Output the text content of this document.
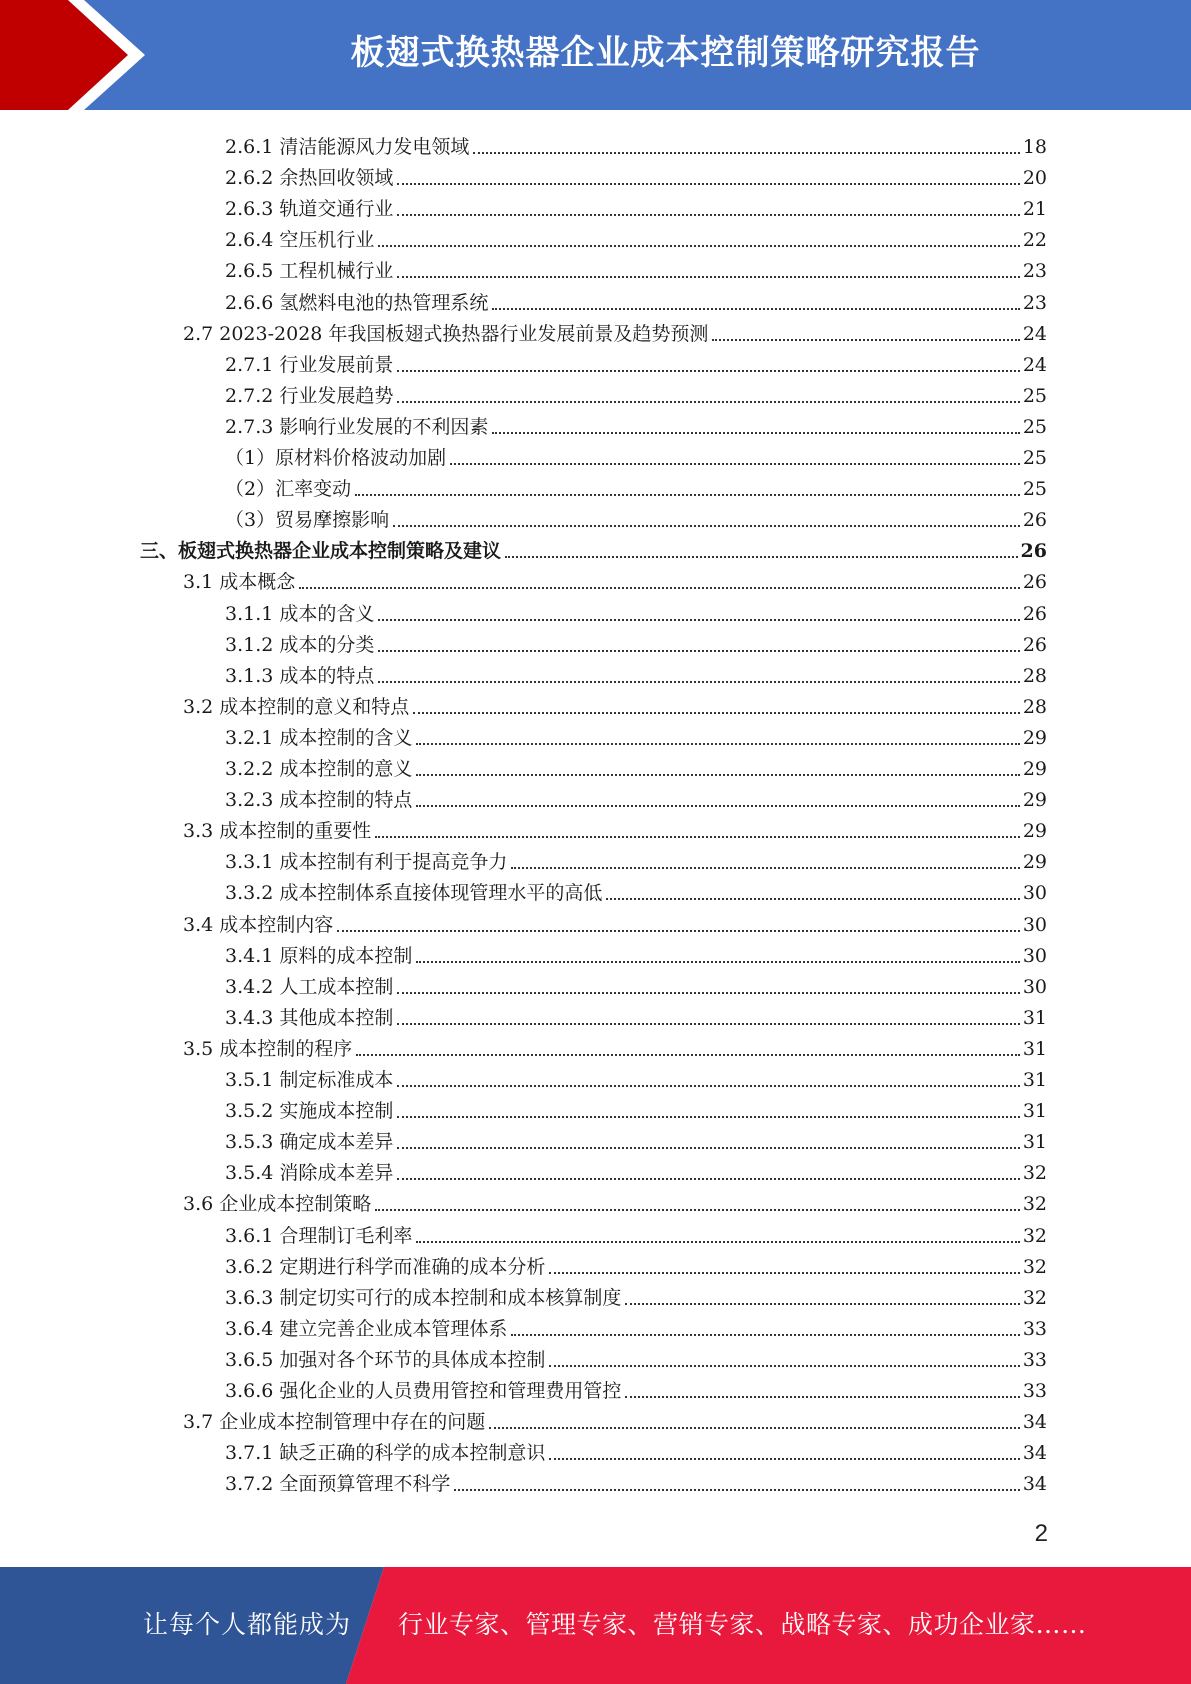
板翅式换热器企业成本控制策略研究报告
2.6.1 清洁能源风力发电领域	18
2.6.2 余热回收领域	20
2.6.3 轨道交通行业	21
2.6.4 空压机行业	22
2.6.5 工程机械行业	23
2.6.6 氢燃料电池的热管理系统	23
2.7 2023-2028 年我国板翅式换热器行业发展前景及趋势预测	24
2.7.1 行业发展前景	24
2.7.2 行业发展趋势	25
2.7.3 影响行业发展的不利因素	25
（1）原材料价格波动加剧	25
（2）汇率变动	25
（3）贸易摩擦影响	26
三、板翅式换热器企业成本控制策略及建议	26
3.1 成本概念	26
3.1.1 成本的含义	26
3.1.2 成本的分类	26
3.1.3 成本的特点	28
3.2 成本控制的意义和特点	28
3.2.1 成本控制的含义	29
3.2.2 成本控制的意义	29
3.2.3 成本控制的特点	29
3.3 成本控制的重要性	29
3.3.1 成本控制有利于提高竞争力	29
3.3.2 成本控制体系直接体现管理水平的高低	30
3.4 成本控制内容	30
3.4.1 原料的成本控制	30
3.4.2 人工成本控制	30
3.4.3 其他成本控制	31
3.5 成本控制的程序	31
3.5.1 制定标准成本	31
3.5.2 实施成本控制	31
3.5.3 确定成本差异	31
3.5.4 消除成本差异	32
3.6 企业成本控制策略	32
3.6.1 合理制订毛利率	32
3.6.2 定期进行科学而准确的成本分析	32
3.6.3 制定切实可行的成本控制和成本核算制度	32
3.6.4 建立完善企业成本管理体系	33
3.6.5 加强对各个环节的具体成本控制	33
3.6.6 强化企业的人员费用管控和管理费用管控	33
3.7 企业成本控制管理中存在的问题	34
3.7.1 缺乏正确的科学的成本控制意识	34
3.7.2 全面预算管理不科学	34
2
让每个人都能成为 行业专家、管理专家、营销专家、战略专家、成功企业家……
